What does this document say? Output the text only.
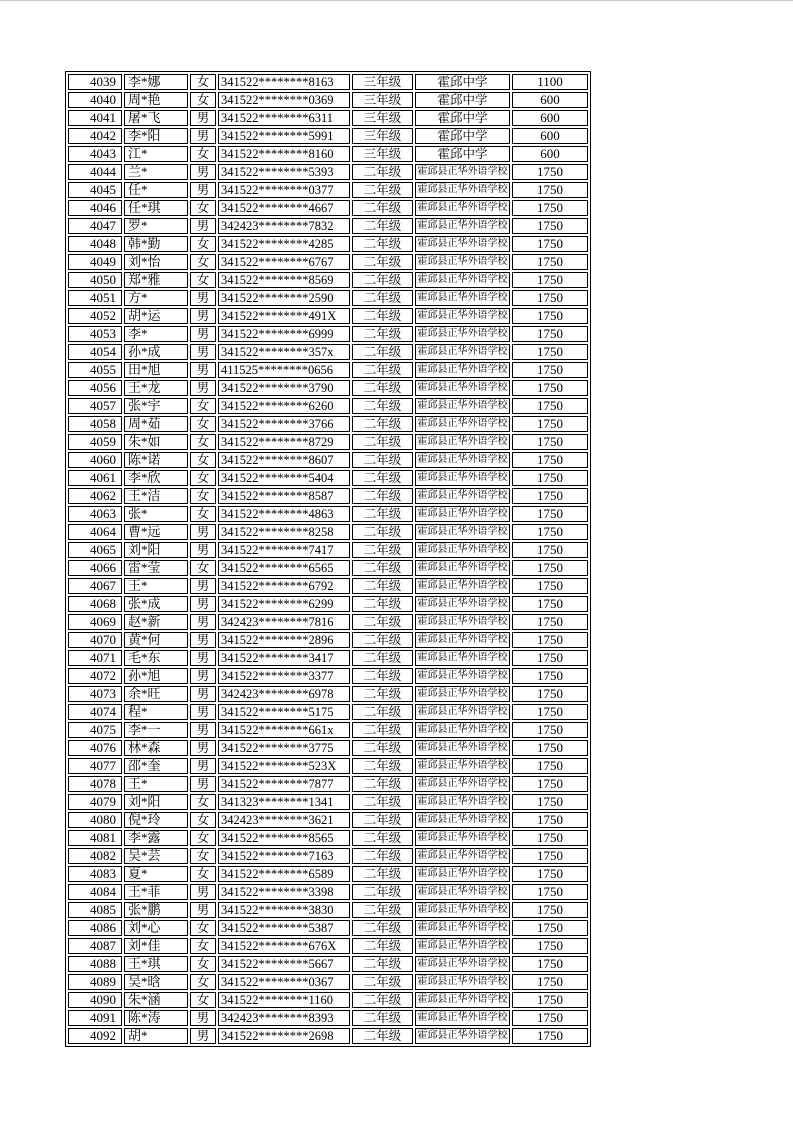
4039	李*娜	女	341522********8163	三年级	霍邱中学	1100
4040	周*艳	女	341522********0369	三年级	霍邱中学	600
4041	屠*飞	男	341522********6311	三年级	霍邱中学	600
4042	李*阳	男	341522********5991	三年级	霍邱中学	600
4043	江*	女	341522********8160	三年级	霍邱中学	600
4044	兰*	男	341522********5393	二年级	霍邱县正华外语学校	1750
4045	任*	男	341522********0377	二年级	霍邱县正华外语学校	1750
4046	任*琪	女	341522********4667	二年级	霍邱县正华外语学校	1750
4047	罗*	男	342423********7832	二年级	霍邱县正华外语学校	1750
4048	韩*勤	女	341522********4285	二年级	霍邱县正华外语学校	1750
4049	刘*怡	女	341522********6767	二年级	霍邱县正华外语学校	1750
4050	郑*雅	女	341522********8569	二年级	霍邱县正华外语学校	1750
4051	方*	男	341522********2590	二年级	霍邱县正华外语学校	1750
4052	胡*运	男	341522********491X	二年级	霍邱县正华外语学校	1750
4053	李*	男	341522********6999	二年级	霍邱县正华外语学校	1750
4054	孙*成	男	341522********357x	二年级	霍邱县正华外语学校	1750
4055	田*旭	男	411525********0656	二年级	霍邱县正华外语学校	1750
4056	王*龙	男	341522********3790	二年级	霍邱县正华外语学校	1750
4057	张*宇	女	341522********6260	二年级	霍邱县正华外语学校	1750
4058	周*茹	女	341522********3766	二年级	霍邱县正华外语学校	1750
4059	朱*如	女	341522********8729	二年级	霍邱县正华外语学校	1750
4060	陈*诺	女	341522********8607	二年级	霍邱县正华外语学校	1750
4061	李*欣	女	341522********5404	二年级	霍邱县正华外语学校	1750
4062	王*洁	女	341522********8587	二年级	霍邱县正华外语学校	1750
4063	张*	女	341522********4863	二年级	霍邱县正华外语学校	1750
4064	曹*远	男	341522********8258	二年级	霍邱县正华外语学校	1750
4065	刘*阳	男	341522********7417	二年级	霍邱县正华外语学校	1750
4066	雷*莹	女	341522********6565	二年级	霍邱县正华外语学校	1750
4067	王*	男	341522********6792	二年级	霍邱县正华外语学校	1750
4068	张*成	男	341522********6299	二年级	霍邱县正华外语学校	1750
4069	赵*新	男	342423********7816	二年级	霍邱县正华外语学校	1750
4070	黄*何	男	341522********2896	二年级	霍邱县正华外语学校	1750
4071	毛*东	男	341522********3417	二年级	霍邱县正华外语学校	1750
4072	孙*旭	男	341522********3377	二年级	霍邱县正华外语学校	1750
4073	余*旺	男	342423********6978	二年级	霍邱县正华外语学校	1750
4074	程*	男	341522********5175	二年级	霍邱县正华外语学校	1750
4075	李*一	男	341522********661x	二年级	霍邱县正华外语学校	1750
4076	林*森	男	341522********3775	二年级	霍邱县正华外语学校	1750
4077	邵*奎	男	341522********523X	二年级	霍邱县正华外语学校	1750
4078	王*	男	341522********7877	二年级	霍邱县正华外语学校	1750
4079	刘*阳	女	341323********1341	二年级	霍邱县正华外语学校	1750
4080	倪*玲	女	342423********3621	二年级	霍邱县正华外语学校	1750
4081	李*露	女	341522********8565	二年级	霍邱县正华外语学校	1750
4082	吴*芸	女	341522********7163	二年级	霍邱县正华外语学校	1750
4083	夏*	女	341522********6589	二年级	霍邱县正华外语学校	1750
4084	王*菲	男	341522********3398	二年级	霍邱县正华外语学校	1750
4085	张*鹏	男	341522********3830	二年级	霍邱县正华外语学校	1750
4086	刘*心	女	341522********5387	二年级	霍邱县正华外语学校	1750
4087	刘*佳	女	341522********676X	二年级	霍邱县正华外语学校	1750
4088	王*琪	女	341522********5667	二年级	霍邱县正华外语学校	1750
4089	吴*晗	女	341522********0367	二年级	霍邱县正华外语学校	1750
4090	朱*涵	女	341522********1160	二年级	霍邱县正华外语学校	1750
4091	陈*涛	男	342423********8393	二年级	霍邱县正华外语学校	1750
4092	胡*	男	341522********2698	二年级	霍邱县正华外语学校	1750
